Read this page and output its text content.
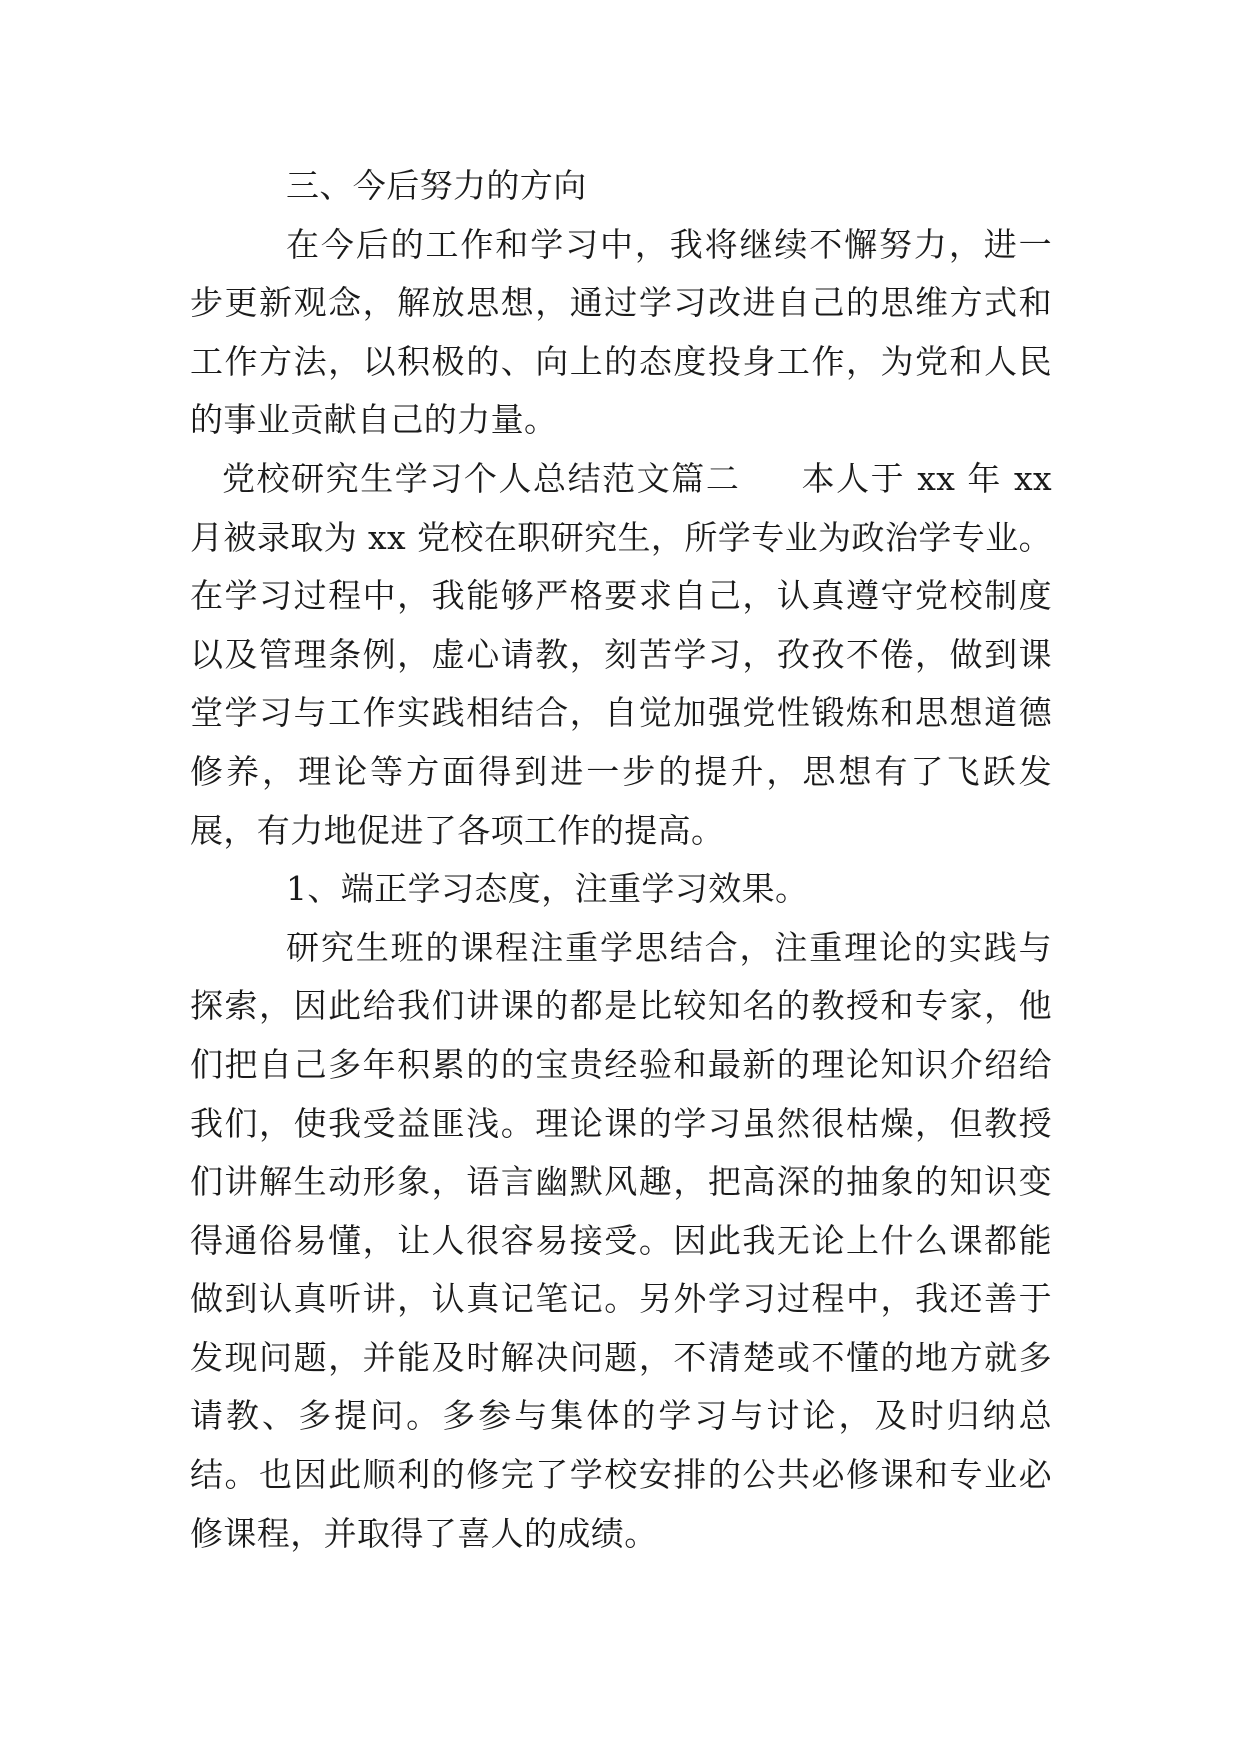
三、今后努力的方向

在今后的工作和学习中，我将继续不懈努力，进一步更新观念，解放思想，通过学习改进自己的思维方式和工作方法，以积极的、向上的态度投身工作，为党和人民的事业贡献自己的力量。

党校研究生学习个人总结范文篇二 本人于 xx 年 xx 月被录取为 xx 党校在职研究生，所学专业为政治学专业。在学习过程中，我能够严格要求自己，认真遵守党校制度以及管理条例，虚心请教，刻苦学习，孜孜不倦，做到课堂学习与工作实践相结合，自觉加强党性锻炼和思想道德修养，理论等方面得到进一步的提升，思想有了飞跃发展，有力地促进了各项工作的提高。

1、端正学习态度，注重学习效果。

研究生班的课程注重学思结合，注重理论的实践与探索，因此给我们讲课的都是比较知名的教授和专家，他们把自己多年积累的的宝贵经验和最新的理论知识介绍给我们，使我受益匪浅。理论课的学习虽然很枯燥，但教授们讲解生动形象，语言幽默风趣，把高深的抽象的知识变得通俗易懂，让人很容易接受。因此我无论上什么课都能做到认真听讲，认真记笔记。另外学习过程中，我还善于发现问题，并能及时解决问题，不清楚或不懂的地方就多请教、多提问。多参与集体的学习与讨论，及时归纳总结。也因此顺利的修完了学校安排的公共必修课和专业必修课程，并取得了喜人的成绩。
